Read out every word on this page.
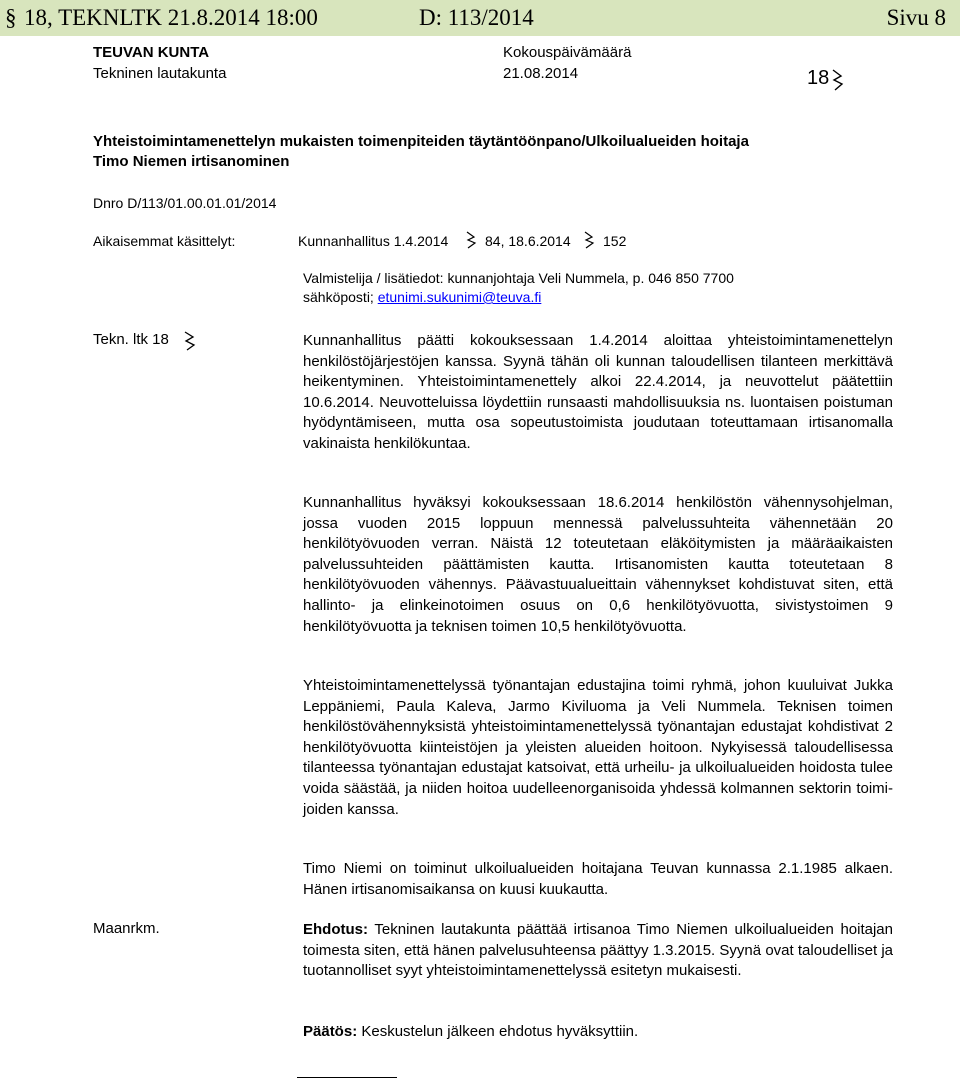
§ 18, TEKNLTK 21.8.2014 18:00	D: 113/2014	Sivu 8
TEUVAN KUNTA
Tekninen lautakunta
Kokouspäivämäärä
21.08.2014	18
Yhteistoimintamenettelyn mukaisten toimenpiteiden täytäntöönpano/Ulkoilualueiden hoitaja
Timo Niemen irtisanominen
Dnro D/113/01.00.01.01/2014
Aikaisemmat käsittelyt:	Kunnanhallitus 1.4.2014	84, 18.6.2014 152
Valmistelija / lisätiedot: kunnanjohtaja Veli Nummela, p. 046 850 7700
sähköposti; etunimi.sukunimi@teuva.fi
Tekn. ltk 18	Kunnanhallitus päätti kokouksessaan 1.4.2014 aloittaa yhteistoimintamenettelyn henkilöstöjärjestöjen kanssa. Syynä tähän oli kunnan taloudellisen tilanteen merkittävä heikentyminen. Yhteistoimintamenettely alkoi 22.4.2014, ja neuvottelut päätettiin 10.6.2014. Neuvotteluissa löydettiin runsaasti mahdollisuuksia ns. luontaisen poistuman hyödyntämiseen, mutta osa sopeutustoimista joudutaan toteuttamaan irtisanomalla vakinaista henkilökuntaa.
Kunnanhallitus hyväksyi kokouksessaan 18.6.2014 henkilöstön vähennysohjelman, jossa vuoden 2015 loppuun mennessä palvelussuhteita vähennetään 20 henkilötyövuoden verran. Näistä 12 toteutetaan eläköitymisten ja määräaikaisten palvelussuhteiden päättämisten kautta. Irtisanomisten kautta toteutetaan 8 henkilötyövuoden vähennys. Päävastuualueittain vähennykset kohdistuvat siten, että hallinto- ja elinkeinotoimen osuus on 0,6 henkilötyövuotta, sivistystoimen 9 henkilötyövuotta ja teknisen toimen 10,5 henkilötyövuotta.
Yhteistoimintamenettelyssä työnantajan edustajina toimi ryhmä, johon kuuluivat Jukka Leppäniemi, Paula Kaleva, Jarmo Kiviluoma ja Veli Nummela. Teknisen toimen henkilöstövähennyksistä yhteistoimintamenettelyssä työnantajan edustajat kohdistivat 2 henkilötyövuotta kiinteistöjen ja yleisten alueiden hoitoon. Nykyisessä taloudellisessa tilanteessa työnantajan edustajat katsoivat, että urheilu- ja ulkoilualueiden hoidosta tulee voida säästää, ja niiden hoitoa uudelleenorganisoida yhdessä kolmannen sektorin toimijoiden kanssa.
Timo Niemi on toiminut ulkoilualueiden hoitajana Teuvan kunnassa 2.1.1985 alkaen. Hänen irtisanomisaikansa on kuusi kuukautta.
Maanrkm.	Ehdotus: Tekninen lautakunta päättää irtisanoa Timo Niemen ulkoilualueiden hoitajan toimesta siten, että hänen palvelusuhteensa päättyy 1.3.2015. Syynä ovat taloudelliset ja tuotannolliset syyt yhteistoimintamenettelyssä esitetyn mukaisesti.
Päätös: Keskustelun jälkeen ehdotus hyväksyttiin.
